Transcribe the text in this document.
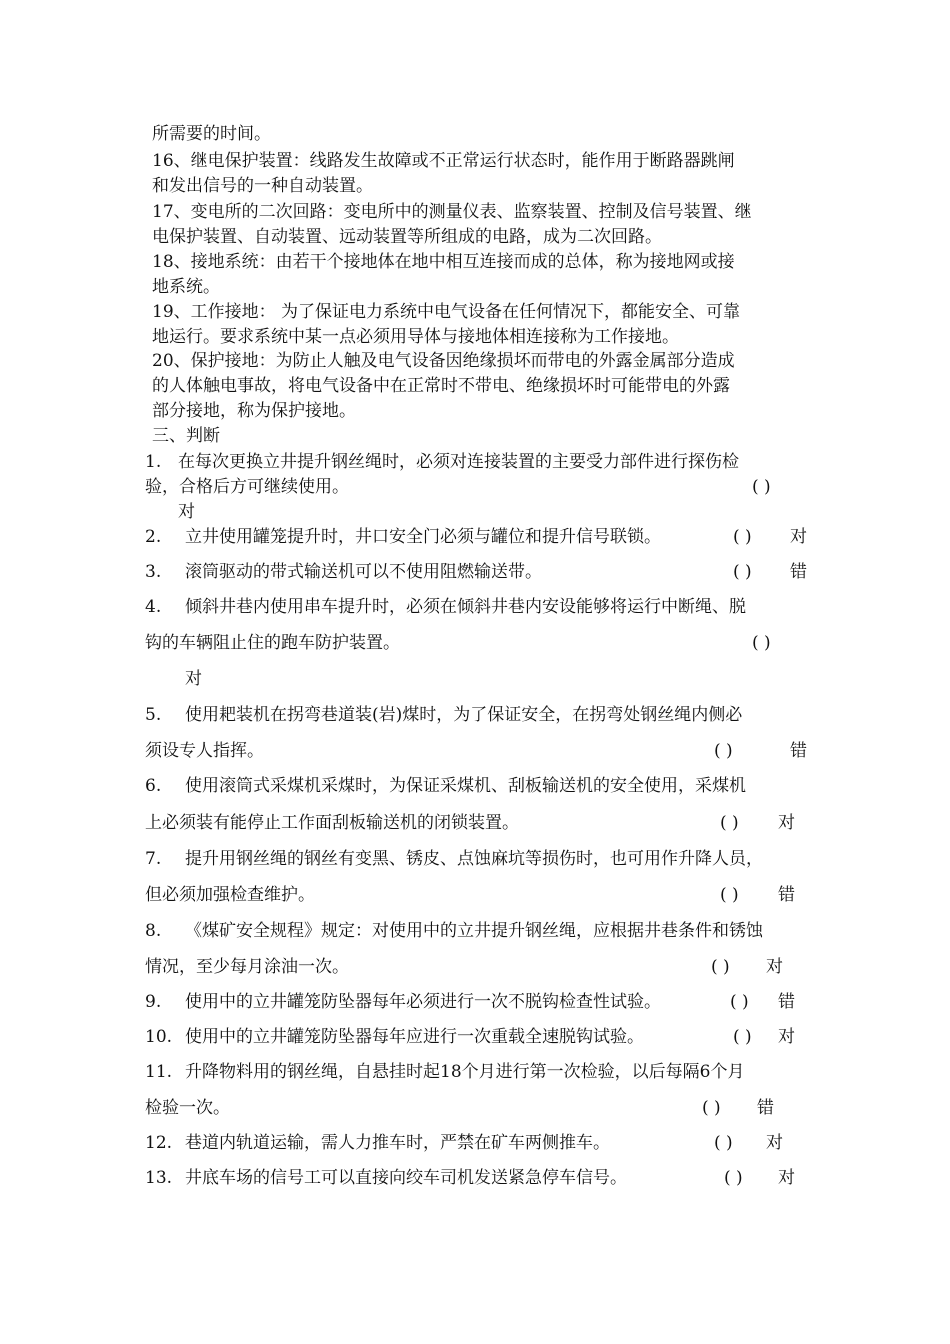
所需要的时间。
16、继电保护装置：线路发生故障或不正常运行状态时，能作用于断路器跳闸
和发出信号的一种自动装置。
17、变电所的二次回路：变电所中的测量仪表、监察装置、控制及信号装置、继
电保护装置、自动装置、远动装置等所组成的电路，成为二次回路。
18、接地系统：由若干个接地体在地中相互连接而成的总体，称为接地网或接
地系统。
19、工作接地： 为了保证电力系统中电气设备在任何情况下，都能安全、可靠
地运行。要求系统中某一点必须用导体与接地体相连接称为工作接地。
20、保护接地：为防止人触及电气设备因绝缘损坏而带电的外露金属部分造成
的人体触电事故，将电气设备中在正常时不带电、绝缘损坏时可能带电的外露
部分接地，称为保护接地。
三、判断
1. 在每次更换立井提升钢丝绳时，必须对连接装置的主要受力部件进行探伤检
验，合格后方可继续使用。	( )
对
2. 立井使用罐笼提升时，井口安全门必须与罐位和提升信号联锁。	( ) 对
3. 滚筒驱动的带式输送机可以不使用阻燃输送带。	( ) 错
4. 倾斜井巷内使用串车提升时，必须在倾斜井巷内安设能够将运行中断绳、脱
钩的车辆阻止住的跑车防护装置。	( )
对
5. 使用耙装机在拐弯巷道装(岩)煤时，为了保证安全，在拐弯处钢丝绳内侧必
须设专人指挥。	( )	错
6. 使用滚筒式采煤机采煤时，为保证采煤机、刮板输送机的安全使用，采煤机
上必须装有能停止工作面刮板输送机的闭锁装置。	( ) 对
7. 提升用钢丝绳的钢丝有变黑、锈皮、点蚀麻坑等损伤时，也可用作升降人员，
但必须加强检查维护。	( ) 错
8. 《煤矿安全规程》规定：对使用中的立井提升钢丝绳，应根据井巷条件和锈蚀
情况，至少每月涂油一次。	( ) 对
9. 使用中的立井罐笼防坠器每年必须进行一次不脱钩检查性试验。	( ) 错
10. 使用中的立井罐笼防坠器每年应进行一次重载全速脱钩试验。	( ) 对
11. 升降物料用的钢丝绳，自悬挂时起18个月进行第一次检验，以后每隔6个月
检验一次。	( ) 错
12. 巷道内轨道运输，需人力推车时，严禁在矿车两侧推车。	( ) 对
13. 井底车场的信号工可以直接向绞车司机发送紧急停车信号。	( ) 对
